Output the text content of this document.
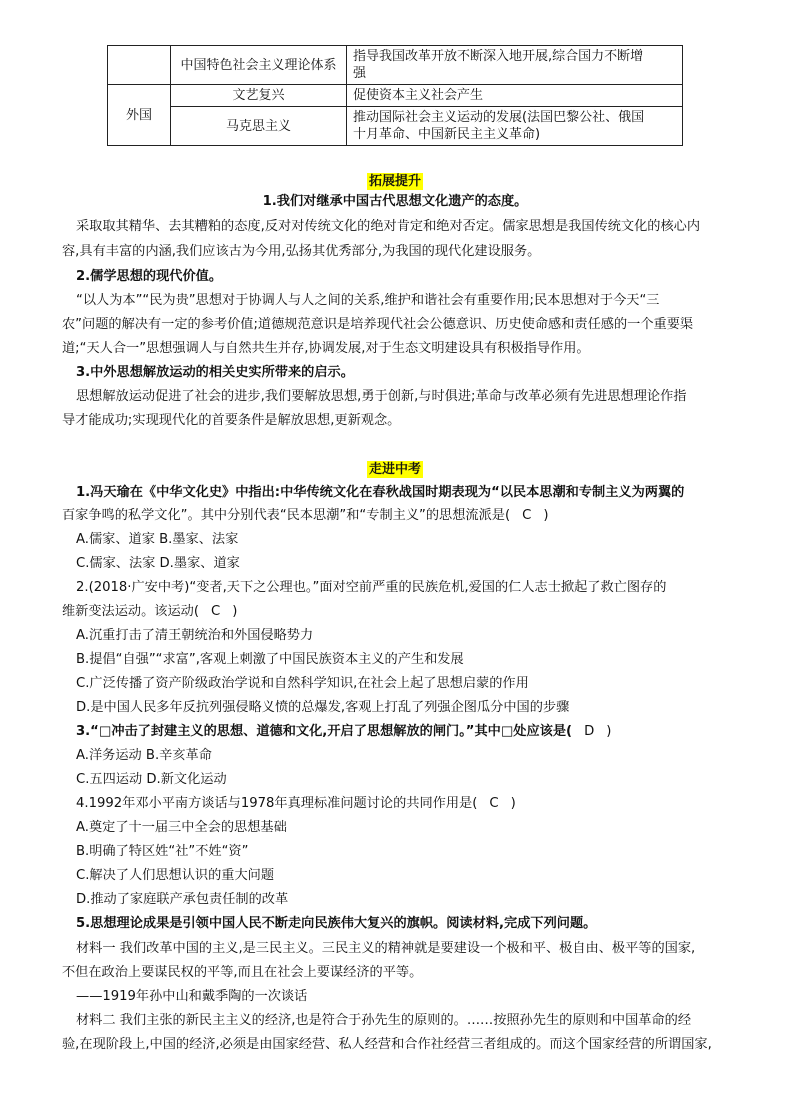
	中国特色社会主义理论体系	指导我国改革开放不断深入地开展,综合国力不断增
强

外国	文艺复兴	促使资本主义社会产生

	马克思主义	推动国际社会主义运动的发展(法国巴黎公社、俄国
十月革命、中国新民主主义革命)
拓展提升
1.我们对继承中国古代思想文化遗产的态度。
采取取其精华、去其糟粕的态度,反对对传统文化的绝对肯定和绝对否定。儒家思想是我国传统文化的核心内
容,具有丰富的内涵,我们应该古为今用,弘扬其优秀部分,为我国的现代化建设服务。
2.儒学思想的现代价值。
“以人为本”“民为贵”思想对于协调人与人之间的关系,维护和谐社会有重要作用;民本思想对于今天“三
农”问题的解决有一定的参考价值;道德规范意识是培养现代社会公德意识、历史使命感和责任感的一个重要渠
道;“天人合一”思想强调人与自然共生并存,协调发展,对于生态文明建设具有积极指导作用。
3.中外思想解放运动的相关史实所带来的启示。
思想解放运动促进了社会的进步,我们要解放思想,勇于创新,与时俱进;革命与改革必须有先进思想理论作指
导才能成功;实现现代化的首要条件是解放思想,更新观念。
走进中考
1.冯天瑜在《中华文化史》中指出:中华传统文化在春秋战国时期表现为“以民本思潮和专制主义为两翼的
百家争鸣的私学文化”。其中分别代表“民本思潮”和“专制主义”的思想流派是( C )
A.儒家、道家 B.墨家、法家
C.儒家、法家 D.墨家、道家
2.(2018·广安中考)“变者,天下之公理也。”面对空前严重的民族危机,爱国的仁人志士掀起了救亡图存的
维新变法运动。该运动( C )
A.沉重打击了清王朝统治和外国侵略势力
B.提倡“自强”“求富”,客观上刺激了中国民族资本主义的产生和发展
C.广泛传播了资产阶级政治学说和自然科学知识,在社会上起了思想启蒙的作用
D.是中国人民多年反抗列强侵略义愤的总爆发,客观上打乱了列强企图瓜分中国的步骤
3.“□冲击了封建主义的思想、道德和文化,开启了思想解放的闸门。”其中□处应该是( D )
A.洋务运动 B.辛亥革命
C.五四运动 D.新文化运动
4.1992年邓小平南方谈话与1978年真理标准问题讨论的共同作用是( C )
A.奠定了十一届三中全会的思想基础
B.明确了特区姓“社”不姓“资”
C.解决了人们思想认识的重大问题
D.推动了家庭联产承包责任制的改革
5.思想理论成果是引领中国人民不断走向民族伟大复兴的旗帜。阅读材料,完成下列问题。
材料一 我们改革中国的主义,是三民主义。三民主义的精神就是要建设一个极和平、极自由、极平等的国家,
不但在政治上要谋民权的平等,而且在社会上要谋经济的平等。
——1919年孙中山和戴季陶的一次谈话
材料二 我们主张的新民主主义的经济,也是符合于孙先生的原则的。……按照孙先生的原则和中国革命的经
验,在现阶段上,中国的经济,必须是由国家经营、私人经营和合作社经营三者组成的。而这个国家经营的所谓国家,
